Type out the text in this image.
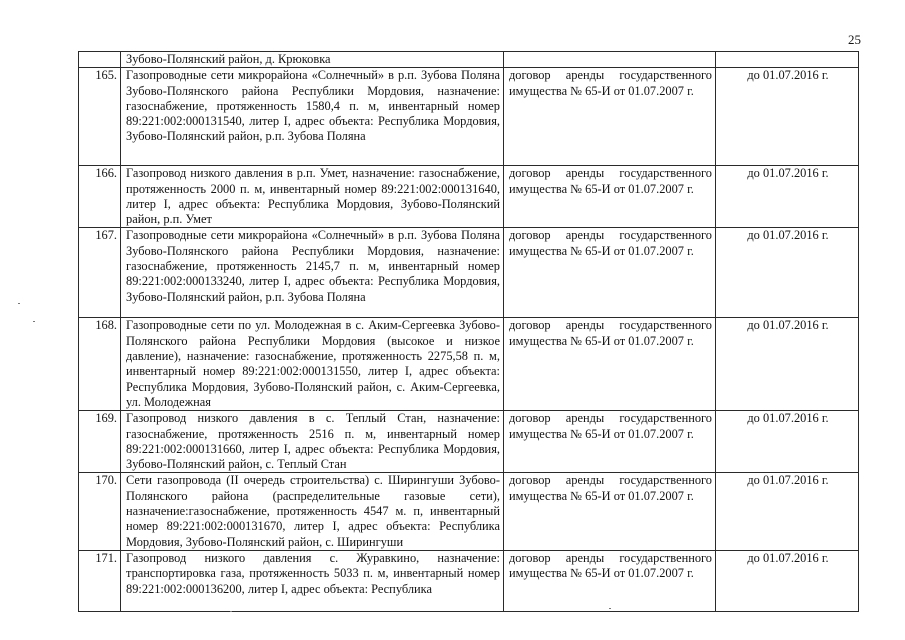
25
	Зубово-Полянский район, д. Крюковка		
165.	Газопроводные сети микрорайона «Солнечный» в р.п. Зубова Поляна Зубово-Полянского района Республики Мордовия, назначение: газоснабжение, протяженность 1580,4 п. м, инвентарный номер 89:221:002:000131540, литер I, адрес объекта: Республика Мордовия, Зубово-Полянский район, р.п. Зубова Поляна	договор аренды государственного имущества № 65-И от 01.07.2007 г.	до 01.07.2016 г.
166.	Газопровод низкого давления в р.п. Умет, назначение: газоснабжение, протяженность 2000 п. м, инвентарный номер 89:221:002:000131640, литер I, адрес объекта: Республика Мордовия, Зубово-Полянский район, р.п. Умет	договор аренды государственного имущества № 65-И от 01.07.2007 г.	до 01.07.2016 г.
167.	Газопроводные сети микрорайона «Солнечный» в р.п. Зубова Поляна Зубово-Полянского района Республики Мордовия, назначение: газоснабжение, протяженность 2145,7 п. м, инвентарный номер 89:221:002:000133240, литер I, адрес объекта: Республика Мордовия, Зубово-Полянский район, р.п. Зубова Поляна	договор аренды государственного имущества № 65-И от 01.07.2007 г.	до 01.07.2016 г.
168.	Газопроводные сети по ул. Молодежная в с. Аким-Сергеевка Зубово-Полянского района Республики Мордовия (высокое и низкое давление), назначение: газоснабжение, протяженность 2275,58 п. м, инвентарный номер 89:221:002:000131550, литер I, адрес объекта: Республика Мордовия, Зубово-Полянский район, с. Аким-Сергеевка, ул. Молодежная	договор аренды государственного имущества № 65-И от 01.07.2007 г.	до 01.07.2016 г.
169.	Газопровод низкого давления в с. Теплый Стан, назначение: газоснабжение, протяженность 2516 п. м, инвентарный номер 89:221:002:000131660, литер I, адрес объекта: Республика Мордовия, Зубово-Полянский район, с. Теплый Стан	договор аренды государственного имущества № 65-И от 01.07.2007 г.	до 01.07.2016 г.
170.	Сети газопровода (II очередь строительства) с. Ширингуши Зубово-Полянского района (распределительные газовые сети), назначение:газоснабжение, протяженность 4547 м. п, инвентарный номер 89:221:002:000131670, литер I, адрес объекта: Республика Мордовия, Зубово-Полянский район, с. Ширингуши	договор аренды государственного имущества № 65-И от 01.07.2007 г.	до 01.07.2016 г.
171.	Газопровод низкого давления с. Журавкино, назначение: транспортировка газа, протяженность 5033 п. м, инвентарный номер 89:221:002:000136200, литер I, адрес объекта: Республика	договор аренды государственного имущества № 65-И от 01.07.2007 г.	до 01.07.2016 г.
